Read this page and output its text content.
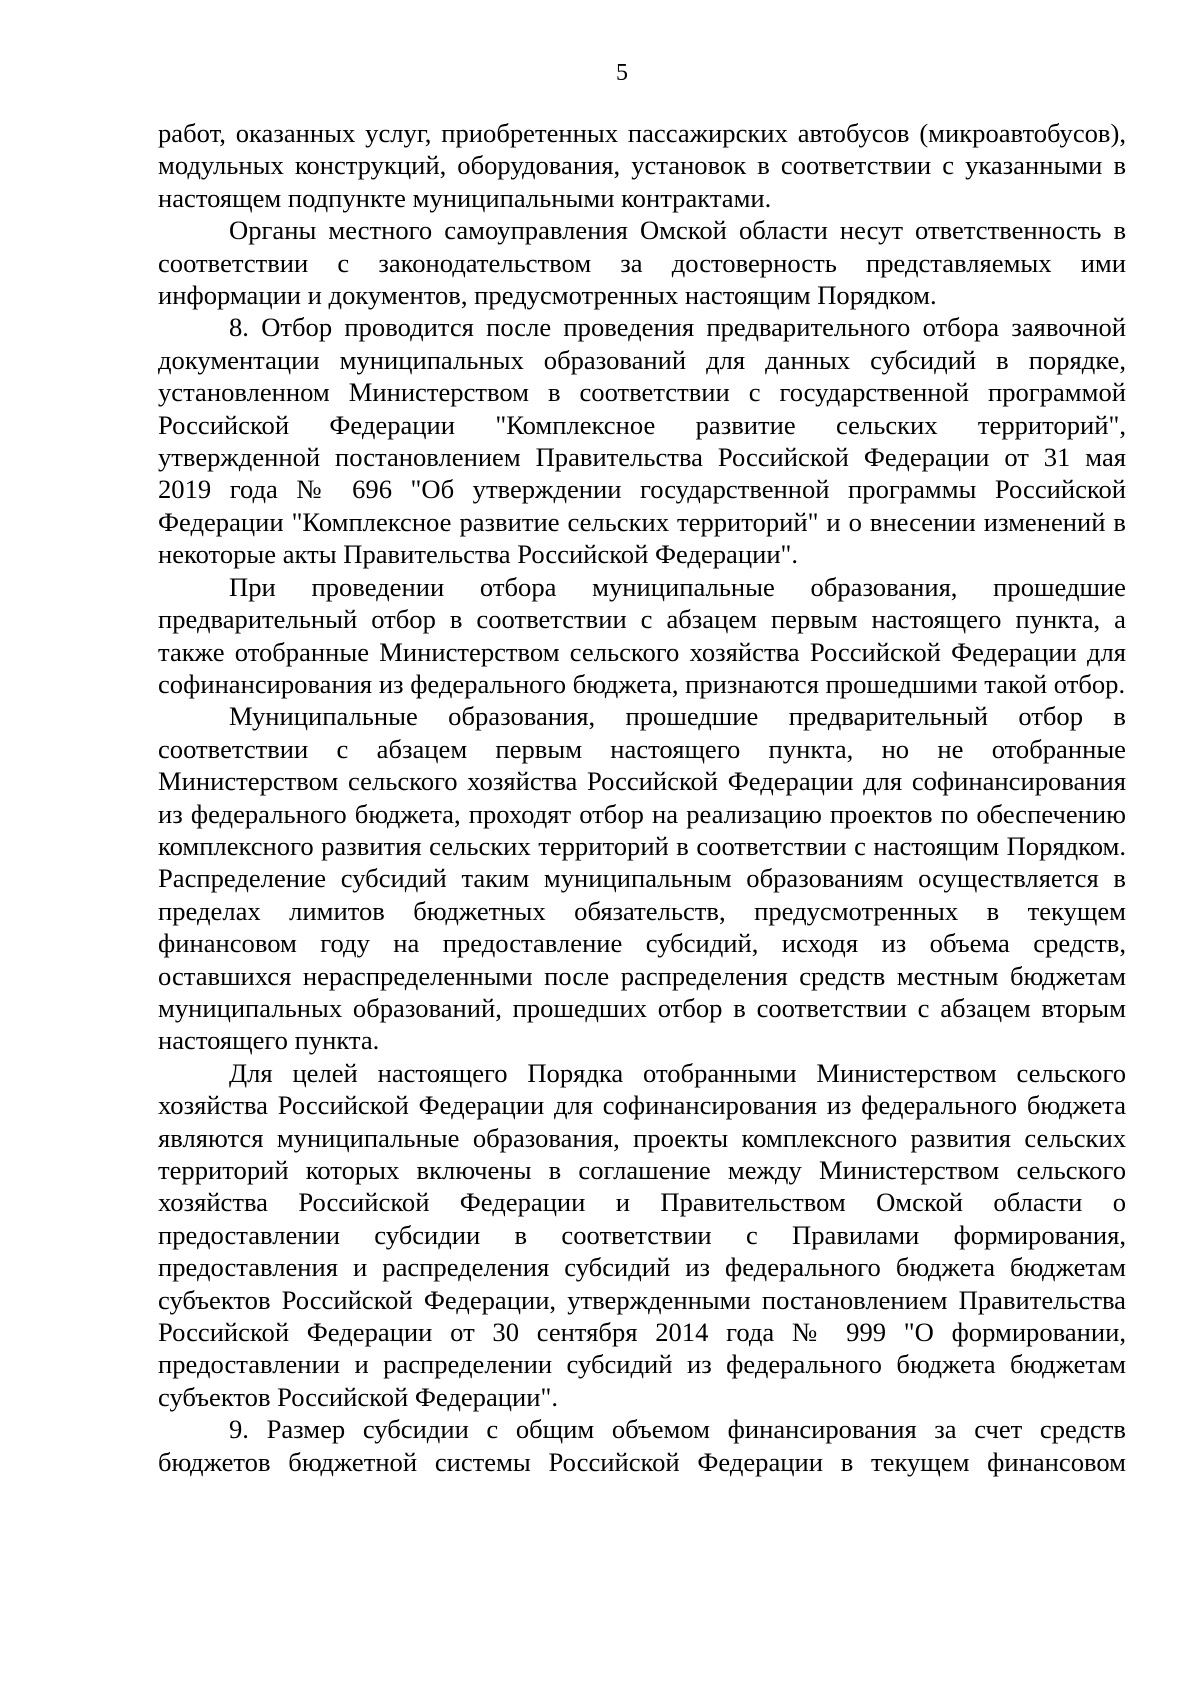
5

работ, оказанных услуг, приобретенных пассажирских автобусов (микроавтобусов), модульных конструкций, оборудования, установок в соответствии с указанными в настоящем подпункте муниципальными контрактами.

Органы местного самоуправления Омской области несут ответственность в соответствии с законодательством за достоверность представляемых ими информации и документов, предусмотренных настоящим Порядком.

8. Отбор проводится после проведения предварительного отбора заявочной документации муниципальных образований для данных субсидий в порядке, установленном Министерством в соответствии с государственной программой Российской Федерации "Комплексное развитие сельских территорий", утвержденной постановлением Правительства Российской Федерации от 31 мая 2019 года № 696 "Об утверждении государственной программы Российской Федерации "Комплексное развитие сельских территорий" и о внесении изменений в некоторые акты Правительства Российской Федерации".

При проведении отбора муниципальные образования, прошедшие предварительный отбор в соответствии с абзацем первым настоящего пункта, а также отобранные Министерством сельского хозяйства Российской Федерации для софинансирования из федерального бюджета, признаются прошедшими такой отбор.

Муниципальные образования, прошедшие предварительный отбор в соответствии с абзацем первым настоящего пункта, но не отобранные Министерством сельского хозяйства Российской Федерации для софинансирования из федерального бюджета, проходят отбор на реализацию проектов по обеспечению комплексного развития сельских территорий в соответствии с настоящим Порядком. Распределение субсидий таким муниципальным образованиям осуществляется в пределах лимитов бюджетных обязательств, предусмотренных в текущем финансовом году на предоставление субсидий, исходя из объема средств, оставшихся нераспределенными после распределения средств местным бюджетам муниципальных образований, прошедших отбор в соответствии с абзацем вторым настоящего пункта.

Для целей настоящего Порядка отобранными Министерством сельского хозяйства Российской Федерации для софинансирования из федерального бюджета являются муниципальные образования, проекты комплексного развития сельских территорий которых включены в соглашение между Министерством сельского хозяйства Российской Федерации и Правительством Омской области о предоставлении субсидии в соответствии с Правилами формирования, предоставления и распределения субсидий из федерального бюджета бюджетам субъектов Российской Федерации, утвержденными постановлением Правительства Российской Федерации от 30 сентября 2014 года № 999 "О формировании, предоставлении и распределении субсидий из федерального бюджета бюджетам субъектов Российской Федерации".

9. Размер субсидии с общим объемом финансирования за счет средств бюджетов бюджетной системы Российской Федерации в текущем финансовом
